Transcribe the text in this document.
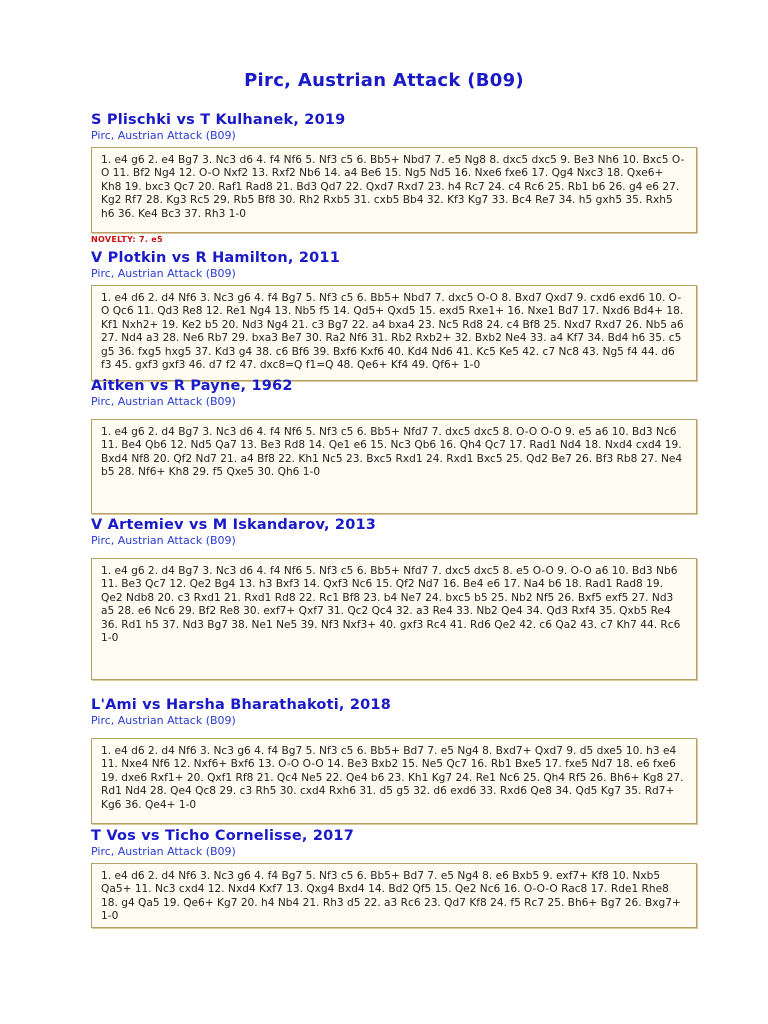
Pirc, Austrian Attack (B09)
S Plischki vs T Kulhanek, 2019
Pirc, Austrian Attack (B09)
1. e4 g6 2. e4 Bg7 3. Nc3 d6 4. f4 Nf6 5. Nf3 c5 6. Bb5+ Nbd7 7. e5 Ng8 8. dxc5 dxc5 9. Be3 Nh6 10. Bxc5 O-O 11. Bf2 Ng4 12. O-O Nxf2 13. Rxf2 Nb6 14. a4 Be6 15. Ng5 Nd5 16. Nxe6 fxe6 17. Qg4 Nxc3 18. Qxe6+ Kh8 19. bxc3 Qc7 20. Raf1 Rad8 21. Bd3 Qd7 22. Qxd7 Rxd7 23. h4 Rc7 24. c4 Rc6 25. Rb1 b6 26. g4 e6 27. Kg2 Rf7 28. Kg3 Rc5 29. Rb5 Bf8 30. Rh2 Rxb5 31. cxb5 Bb4 32. Kf3 Kg7 33. Bc4 Re7 34. h5 gxh5 35. Rxh5 h6 36. Ke4 Bc3 37. Rh3 1-0
NOVELTY: 7. e5
V Plotkin vs R Hamilton, 2011
Pirc, Austrian Attack (B09)
1. e4 d6 2. d4 Nf6 3. Nc3 g6 4. f4 Bg7 5. Nf3 c5 6. Bb5+ Nbd7 7. dxc5 O-O 8. Bxd7 Qxd7 9. cxd6 exd6 10. O-O Qc6 11. Qd3 Re8 12. Re1 Ng4 13. Nb5 f5 14. Qd5+ Qxd5 15. exd5 Rxe1+ 16. Nxe1 Bd7 17. Nxd6 Bd4+ 18. Kf1 Nxh2+ 19. Ke2 b5 20. Nd3 Ng4 21. c3 Bg7 22. a4 bxa4 23. Nc5 Rd8 24. c4 Bf8 25. Nxd7 Rxd7 26. Nb5 a6 27. Nd4 a3 28. Ne6 Rb7 29. bxa3 Be7 30. Ra2 Nf6 31. Rb2 Rxb2+ 32. Bxb2 Ne4 33. a4 Kf7 34. Bd4 h6 35. c5 g5 36. fxg5 hxg5 37. Kd3 g4 38. c6 Bf6 39. Bxf6 Kxf6 40. Kd4 Nd6 41. Kc5 Ke5 42. c7 Nc8 43. Ng5 f4 44. d6 f3 45. gxf3 gxf3 46. d7 f2 47. dxc8=Q f1=Q 48. Qe6+ Kf4 49. Qf6+ 1-0
Aitken vs R Payne, 1962
Pirc, Austrian Attack (B09)
1. e4 g6 2. d4 Bg7 3. Nc3 d6 4. f4 Nf6 5. Nf3 c5 6. Bb5+ Nfd7 7. dxc5 dxc5 8. O-O O-O 9. e5 a6 10. Bd3 Nc6 11. Be4 Qb6 12. Nd5 Qa7 13. Be3 Rd8 14. Qe1 e6 15. Nc3 Qb6 16. Qh4 Qc7 17. Rad1 Nd4 18. Nxd4 cxd4 19. Bxd4 Nf8 20. Qf2 Nd7 21. a4 Bf8 22. Kh1 Nc5 23. Bxc5 Rxd1 24. Rxd1 Bxc5 25. Qd2 Be7 26. Bf3 Rb8 27. Ne4 b5 28. Nf6+ Kh8 29. f5 Qxe5 30. Qh6 1-0
V Artemiev vs M Iskandarov, 2013
Pirc, Austrian Attack (B09)
1. e4 g6 2. d4 Bg7 3. Nc3 d6 4. f4 Nf6 5. Nf3 c5 6. Bb5+ Nfd7 7. dxc5 dxc5 8. e5 O-O 9. O-O a6 10. Bd3 Nb6 11. Be3 Qc7 12. Qe2 Bg4 13. h3 Bxf3 14. Qxf3 Nc6 15. Qf2 Nd7 16. Be4 e6 17. Na4 b6 18. Rad1 Rad8 19. Qe2 Ndb8 20. c3 Rxd1 21. Rxd1 Rd8 22. Rc1 Bf8 23. b4 Ne7 24. bxc5 b5 25. Nb2 Nf5 26. Bxf5 exf5 27. Nd3 a5 28. e6 Nc6 29. Bf2 Re8 30. exf7+ Qxf7 31. Qc2 Qc4 32. a3 Re4 33. Nb2 Qe4 34. Qd3 Rxf4 35. Qxb5 Re4 36. Rd1 h5 37. Nd3 Bg7 38. Ne1 Ne5 39. Nf3 Nxf3+ 40. gxf3 Rc4 41. Rd6 Qe2 42. c6 Qa2 43. c7 Kh7 44. Rc6 1-0
L'Ami vs Harsha Bharathakoti, 2018
Pirc, Austrian Attack (B09)
1. e4 d6 2. d4 Nf6 3. Nc3 g6 4. f4 Bg7 5. Nf3 c5 6. Bb5+ Bd7 7. e5 Ng4 8. Bxd7+ Qxd7 9. d5 dxe5 10. h3 e4 11. Nxe4 Nf6 12. Nxf6+ Bxf6 13. O-O O-O 14. Be3 Bxb2 15. Ne5 Qc7 16. Rb1 Bxe5 17. fxe5 Nd7 18. e6 fxe6 19. dxe6 Rxf1+ 20. Qxf1 Rf8 21. Qc4 Ne5 22. Qe4 b6 23. Kh1 Kg7 24. Re1 Nc6 25. Qh4 Rf5 26. Bh6+ Kg8 27. Rd1 Nd4 28. Qe4 Qc8 29. c3 Rh5 30. cxd4 Rxh6 31. d5 g5 32. d6 exd6 33. Rxd6 Qe8 34. Qd5 Kg7 35. Rd7+ Kg6 36. Qe4+ 1-0
T Vos vs Ticho Cornelisse, 2017
Pirc, Austrian Attack (B09)
1. e4 d6 2. d4 Nf6 3. Nc3 g6 4. f4 Bg7 5. Nf3 c5 6. Bb5+ Bd7 7. e5 Ng4 8. e6 Bxb5 9. exf7+ Kf8 10. Nxb5 Qa5+ 11. Nc3 cxd4 12. Nxd4 Kxf7 13. Qxg4 Bxd4 14. Bd2 Qf5 15. Qe2 Nc6 16. O-O-O Rac8 17. Rde1 Rhe8 18. g4 Qa5 19. Qe6+ Kg7 20. h4 Nb4 21. Rh3 d5 22. a3 Rc6 23. Qd7 Kf8 24. f5 Rc7 25. Bh6+ Bg7 26. Bxg7+ 1-0
